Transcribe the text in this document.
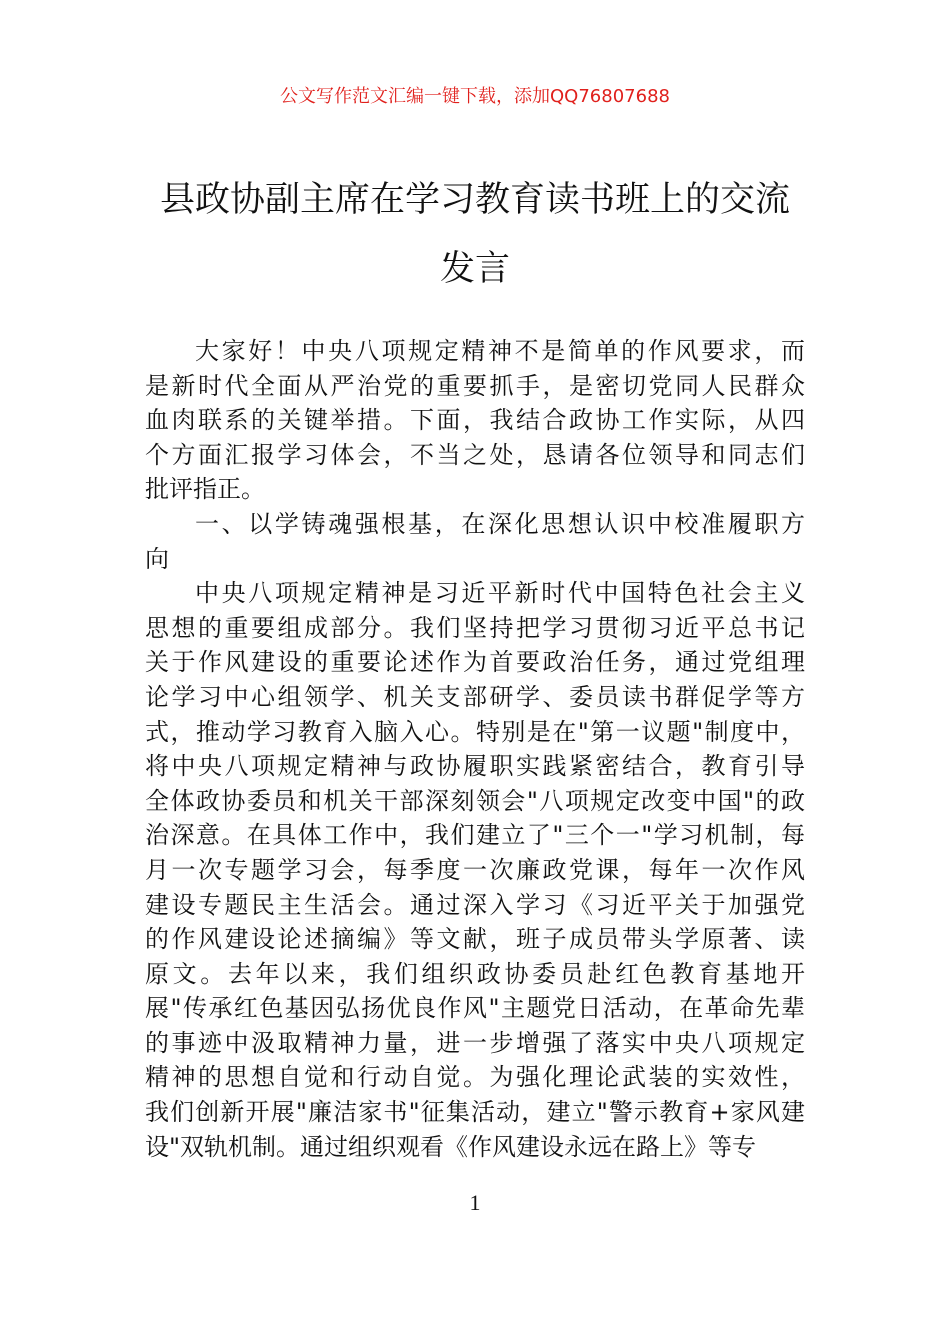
公文写作范文汇编一键下载，添加QQ76807688
县政协副主席在学习教育读书班上的交流
发言
大家好！中央八项规定精神不是简单的作风要求，而
是新时代全面从严治党的重要抓手，是密切党同人民群众
血肉联系的关键举措。下面，我结合政协工作实际，从四
个方面汇报学习体会，不当之处，恳请各位领导和同志们
批评指正。
一、以学铸魂强根基，在深化思想认识中校准履职方
向
中央八项规定精神是习近平新时代中国特色社会主义
思想的重要组成部分。我们坚持把学习贯彻习近平总书记
关于作风建设的重要论述作为首要政治任务，通过党组理
论学习中心组领学、机关支部研学、委员读书群促学等方
式，推动学习教育入脑入心。特别是在"第一议题"制度中，
将中央八项规定精神与政协履职实践紧密结合，教育引导
全体政协委员和机关干部深刻领会"八项规定改变中国"的政
治深意。在具体工作中，我们建立了"三个一"学习机制，每
月一次专题学习会，每季度一次廉政党课，每年一次作风
建设专题民主生活会。通过深入学习《习近平关于加强党
的作风建设论述摘编》等文献，班子成员带头学原著、读
原文。去年以来，我们组织政协委员赴红色教育基地开
展"传承红色基因弘扬优良作风"主题党日活动，在革命先辈
的事迹中汲取精神力量，进一步增强了落实中央八项规定
精神的思想自觉和行动自觉。为强化理论武装的实效性，
我们创新开展"廉洁家书"征集活动，建立"警示教育+家风建
设"双轨机制。通过组织观看《作风建设永远在路上》等专
1
